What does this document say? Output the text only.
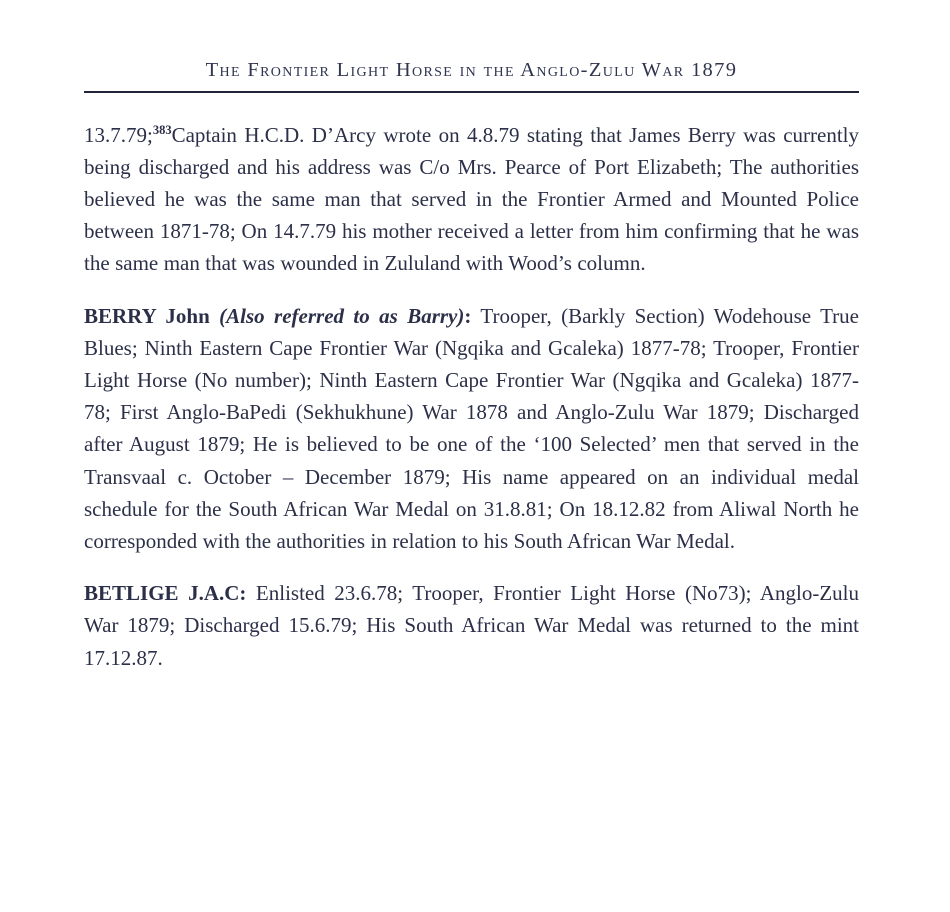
The Frontier Light Horse in the Anglo-Zulu War 1879

13.7.79;$^{383}$Captain H.C.D. D’Arcy wrote on 4.8.79 stating that James Berry was currently being discharged and his address was C/o Mrs. Pearce of Port Elizabeth; The authorities believed he was the same man that served in the Frontier Armed and Mounted Police between 1871-78; On 14.7.79 his mother received a letter from him confirming that he was the same man that was wounded in Zululand with Wood’s column.

BERRY John (Also referred to as Barry): Trooper, (Barkly Section) Wodehouse True Blues; Ninth Eastern Cape Frontier War (Ngqika and Gcaleka) 1877-78; Trooper, Frontier Light Horse (No number); Ninth Eastern Cape Frontier War (Ngqika and Gcaleka) 1877-78; First Anglo-BaPedi (Sekhukhune) War 1878 and Anglo-Zulu War 1879; Discharged after August 1879; He is believed to be one of the ‘100 Selected’ men that served in the Transvaal c. October – December 1879; His name appeared on an individual medal schedule for the South African War Medal on 31.8.81; On 18.12.82 from Aliwal North he corresponded with the authorities in relation to his South African War Medal.

BETLIGE J.A.C: Enlisted 23.6.78; Trooper, Frontier Light Horse (No73); Anglo-Zulu War 1879; Discharged 15.6.79; His South African War Medal was returned to the mint 17.12.87.
